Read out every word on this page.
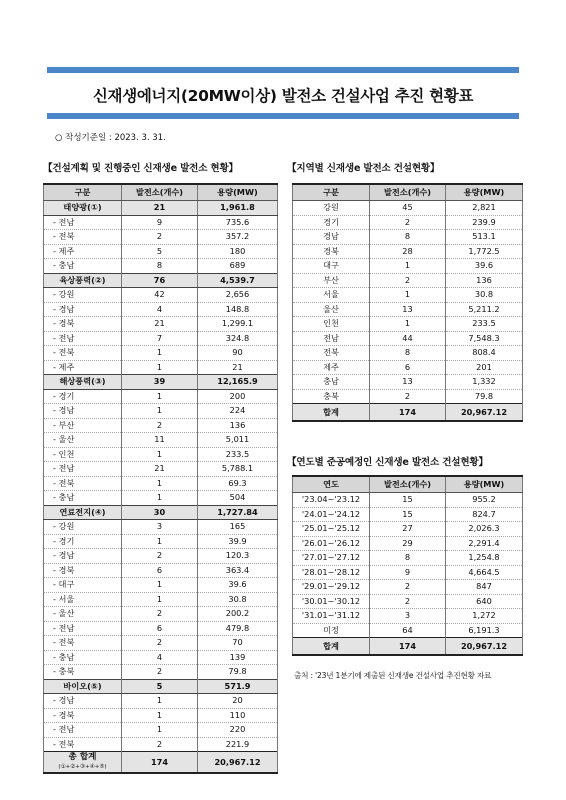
신재생에너지(20MW이상) 발전소 건설사업 추진 현황표
○ 작성기준일 : 2023. 3. 31.
【건설계획 및 진행중인 신재생e 발전소 현황】
구분	발전소(개수)	용량(MW)
태양광(①)	21	1,961.8
- 전남	9	735.6
- 전북	2	357.2
- 제주	5	180
- 충남	8	689
육상풍력(②)	76	4,539.7
- 강원	42	2,656
- 경남	4	148.8
- 경북	21	1,299.1
- 전남	7	324.8
- 전북	1	90
- 제주	1	21
해상풍력(③)	39	12,165.9
- 경기	1	200
- 경남	1	224
- 부산	2	136
- 울산	11	5,011
- 인천	1	233.5
- 전남	21	5,788.1
- 전북	1	69.3
- 충남	1	504
연료전지(④)	30	1,727.84
- 강원	3	165
- 경기	1	39.9
- 경남	2	120.3
- 경북	6	363.4
- 대구	1	39.6
- 서울	1	30.8
- 울산	2	200.2
- 전남	6	479.8
- 전북	2	70
- 충남	4	139
- 충북	2	79.8
바이오(⑤)	5	571.9
- 경남	1	20
- 경북	1	110
- 전남	1	220
- 전북	2	221.9
총 합계
(①+②+③+④+⑤)	174	20,967.12
【지역별 신재생e 발전소 건설현황】
구분	발전소(개수)	용량(MW)
강원	45	2,821
경기	2	239.9
경남	8	513.1
경북	28	1,772.5
대구	1	39.6
부산	2	136
서울	1	30.8
울산	13	5,211.2
인천	1	233.5
전남	44	7,548.3
전북	8	808.4
제주	6	201
충남	13	1,332
충북	2	79.8
합계	174	20,967.12
【연도별 준공예정인 신재생e 발전소 건설현황】
연도	발전소(개수)	용량(MW)
'23.04~'23.12	15	955.2
'24.01~'24.12	15	824.7
'25.01~'25.12	27	2,026.3
'26.01~'26.12	29	2,291.4
'27.01~'27.12	8	1,254.8
'28.01~'28.12	9	4,664.5
'29.01~'29.12	2	847
'30.01~'30.12	2	640
'31.01~'31.12	3	1,272
미정	64	6,191.3
합계	174	20,967.12
출처 : '23년 1분기에 제출된 신재생e 건설사업 추진현황 자료
